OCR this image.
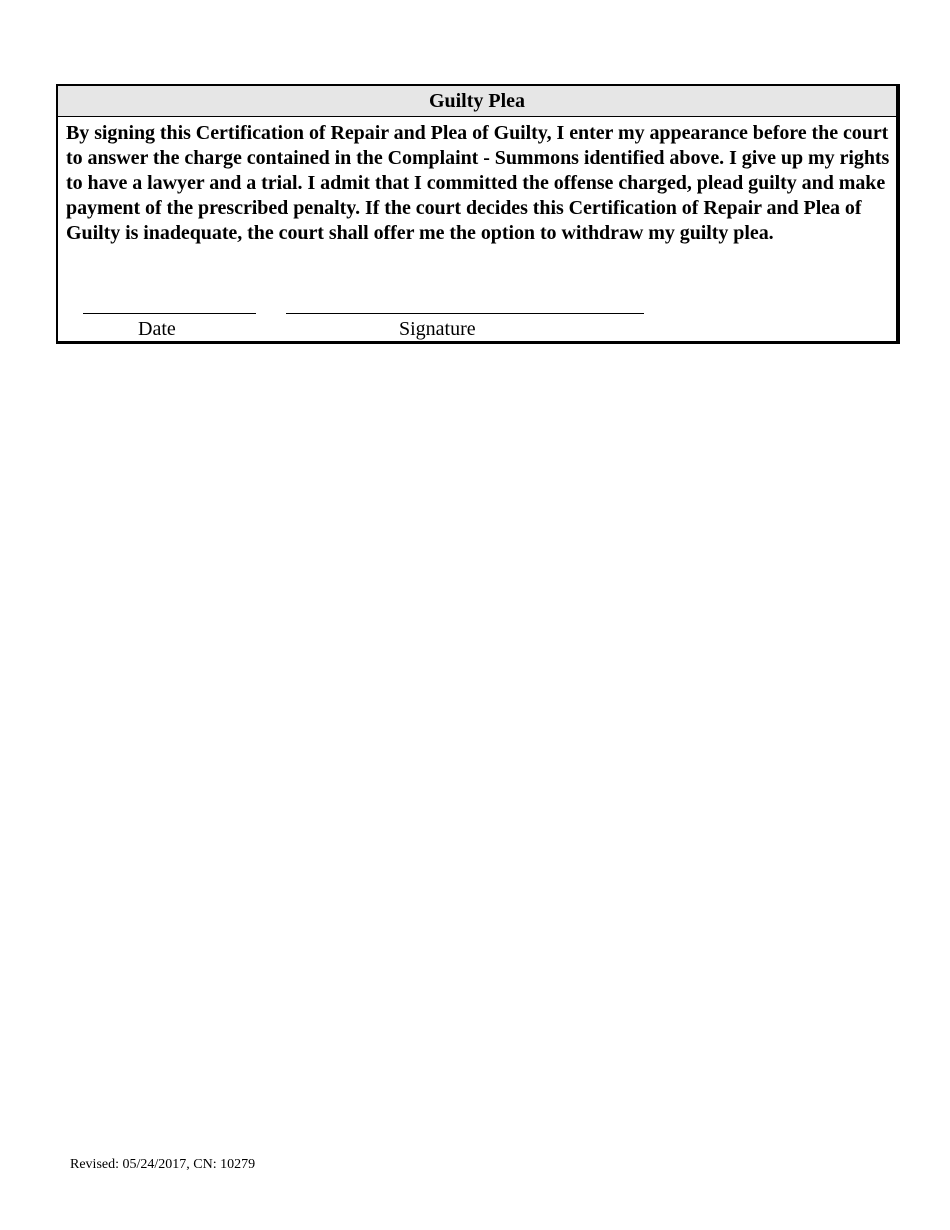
Guilty Plea
By signing this Certification of Repair and Plea of Guilty, I enter my appearance before the court to answer the charge contained in the Complaint - Summons identified above. I give up my rights to have a lawyer and a trial. I admit that I committed the offense charged, plead guilty and make payment of the prescribed penalty. If the court decides this Certification of Repair and Plea of Guilty is inadequate, the court shall offer me the option to withdraw my guilty plea.
Date	Signature
Revised: 05/24/2017, CN: 10279
